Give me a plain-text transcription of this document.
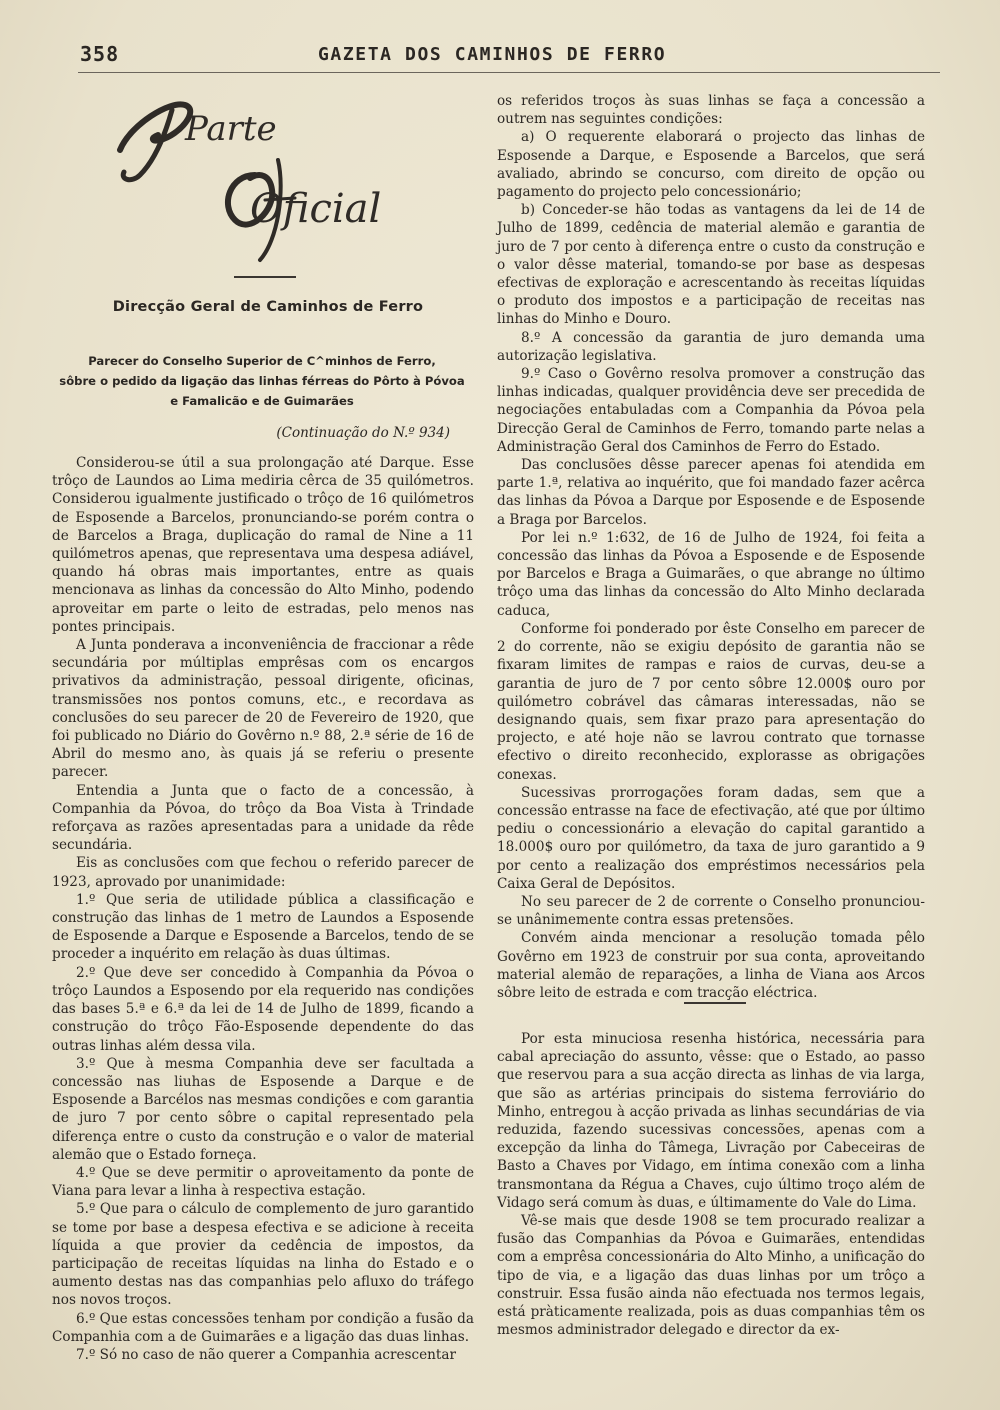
358	GAZETA DOS CAMINHOS DE FERRO
Parte
Oficial
Direcção Geral de Caminhos de Ferro
Parecer do Conselho Superior de C^minhos de Ferro,
sôbre o pedido da ligação das linhas férreas do Pôrto à Póvoa
e Famalicão e de Guimarães
(Continuação do N.º 934)

Considerou-se útil a sua prolongação até Darque. Esse trôço de Laundos ao Lima mediria cêrca de 35 quilómetros. Considerou igualmente justificado o trôço de 16 quilómetros de Esposende a Barcelos, pronunciando-se porém contra o de Barcelos a Braga, duplicação do ramal de Nine a 11 quilómetros apenas, que representava uma despesa adiável, quando há obras mais importantes, entre as quais mencionava as linhas da concessão do Alto Minho, podendo aproveitar em parte o leito de estradas, pelo menos nas pontes principais.

A Junta ponderava a inconveniência de fraccionar a rêde secundária por múltiplas emprêsas com os encargos privativos da administração, pessoal dirigente, oficinas, transmissões nos pontos comuns, etc., e recordava as conclusões do seu parecer de 20 de Fevereiro de 1920, que foi publicado no Diário do Govêrno n.º 88, 2.ª série de 16 de Abril do mesmo ano, às quais já se referiu o presente parecer.

Entendia a Junta que o facto de a concessão, à Companhia da Póvoa, do trôço da Boa Vista à Trindade reforçava as razões apresentadas para a unidade da rêde secundária.

Eis as conclusões com que fechou o referido parecer de 1923, aprovado por unanimidade:

1.º Que seria de utilidade pública a classificação e construção das linhas de 1 metro de Laundos a Esposende de Esposende a Darque e Esposende a Barcelos, tendo de se proceder a inquérito em relação às duas últimas.

2.º Que deve ser concedido à Companhia da Póvoa o trôço Laundos a Esposendo por ela requerido nas condições das bases 5.ª e 6.ª da lei de 14 de Julho de 1899, ficando a construção do trôço Fão-Esposende dependente do das outras linhas além dessa vila.

3.º Que à mesma Companhia deve ser facultada a concessão nas liuhas de Esposende a Darque e de Esposende a Barcélos nas mesmas condições e com garantia de juro 7 por cento sôbre o capital representado pela diferença entre o custo da construção e o valor de material alemão que o Estado forneça.

4.º Que se deve permitir o aproveitamento da ponte de Viana para levar a linha à respectiva estação.

5.º Que para o cálculo de complemento de juro garantido se tome por base a despesa efectiva e se adicione à receita líquida a que provier da cedência de impostos, da participação de receitas líquidas na linha do Estado e o aumento destas nas das companhias pelo afluxo do tráfego nos novos troços.

6.º Que estas concessões tenham por condição a fusão da Companhia com a de Guimarães e a ligação das duas linhas.

7.º Só no caso de não querer a Companhia acrescentar

os referidos troços às suas linhas se faça a concessão a outrem nas seguintes condições:

a) O requerente elaborará o projecto das linhas de Esposende a Darque, e Esposende a Barcelos, que será avaliado, abrindo se concurso, com direito de opção ou pagamento do projecto pelo concessionário;

b) Conceder-se hão todas as vantagens da lei de 14 de Julho de 1899, cedência de material alemão e garantia de juro de 7 por cento à diferença entre o custo da construção e o valor dêsse material, tomando-se por base as despesas efectivas de exploração e acrescentando às receitas líquidas o produto dos impostos e a participação de receitas nas linhas do Minho e Douro.

8.º A concessão da garantia de juro demanda uma autorização legislativa.

9.º Caso o Govêrno resolva promover a construção das linhas indicadas, qualquer providência deve ser precedida de negociações entabuladas com a Companhia da Póvoa pela Direcção Geral de Caminhos de Ferro, tomando parte nelas a Administração Geral dos Caminhos de Ferro do Estado.

Das conclusões dêsse parecer apenas foi atendida em parte 1.ª, relativa ao inquérito, que foi mandado fazer acêrca das linhas da Póvoa a Darque por Esposende e de Esposende a Braga por Barcelos.

Por lei n.º 1:632, de 16 de Julho de 1924, foi feita a concessão das linhas da Póvoa a Esposende e de Esposende por Barcelos e Braga a Guimarães, o que abrange no último trôço uma das linhas da concessão do Alto Minho declarada caduca,

Conforme foi ponderado por êste Conselho em parecer de 2 do corrente, não se exigiu depósito de garantia não se fixaram limites de rampas e raios de curvas, deu-se a garantia de juro de 7 por cento sôbre 12.000$ ouro por quilómetro cobrável das câmaras interessadas, não se designando quais, sem fixar prazo para apresentação do projecto, e até hoje não se lavrou contrato que tornasse efectivo o direito reconhecido, explorasse as obrigações conexas.

Sucessivas prorrogações foram dadas, sem que a concessão entrasse na face de efectivação, até que por último pediu o concessionário a elevação do capital garantido a 18.000$ ouro por quilómetro, da taxa de juro garantido a 9 por cento a realização dos empréstimos necessários pela Caixa Geral de Depósitos.

No seu parecer de 2 de corrente o Conselho pronunciou-se unânimemente contra essas pretensões.

Convém ainda mencionar a resolução tomada pêlo Govêrno em 1923 de construir por sua conta, aproveitando material alemão de reparações, a linha de Viana aos Arcos sôbre leito de estrada e com tracção eléctrica.

Por esta minuciosa resenha histórica, necessária para cabal apreciação do assunto, vêsse: que o Estado, ao passo que reservou para a sua acção directa as linhas de via larga, que são as artérias principais do sistema ferroviário do Minho, entregou à acção privada as linhas secundárias de via reduzida, fazendo sucessivas concessões, apenas com a excepção da linha do Tâmega, Livração por Cabeceiras de Basto a Chaves por Vidago, em íntima conexão com a linha transmontana da Régua a Chaves, cujo último troço além de Vidago será comum às duas, e últimamente do Vale do Lima.

Vê-se mais que desde 1908 se tem procurado realizar a fusão das Companhias da Póvoa e Guimarães, entendidas com a emprêsa concessionária do Alto Minho, a unificação do tipo de via, e a ligação das duas linhas por um trôço a construir. Essa fusão ainda não efectuada nos termos legais, está pràticamente realizada, pois as duas companhias têm os mesmos administrador delegado e director da ex-
